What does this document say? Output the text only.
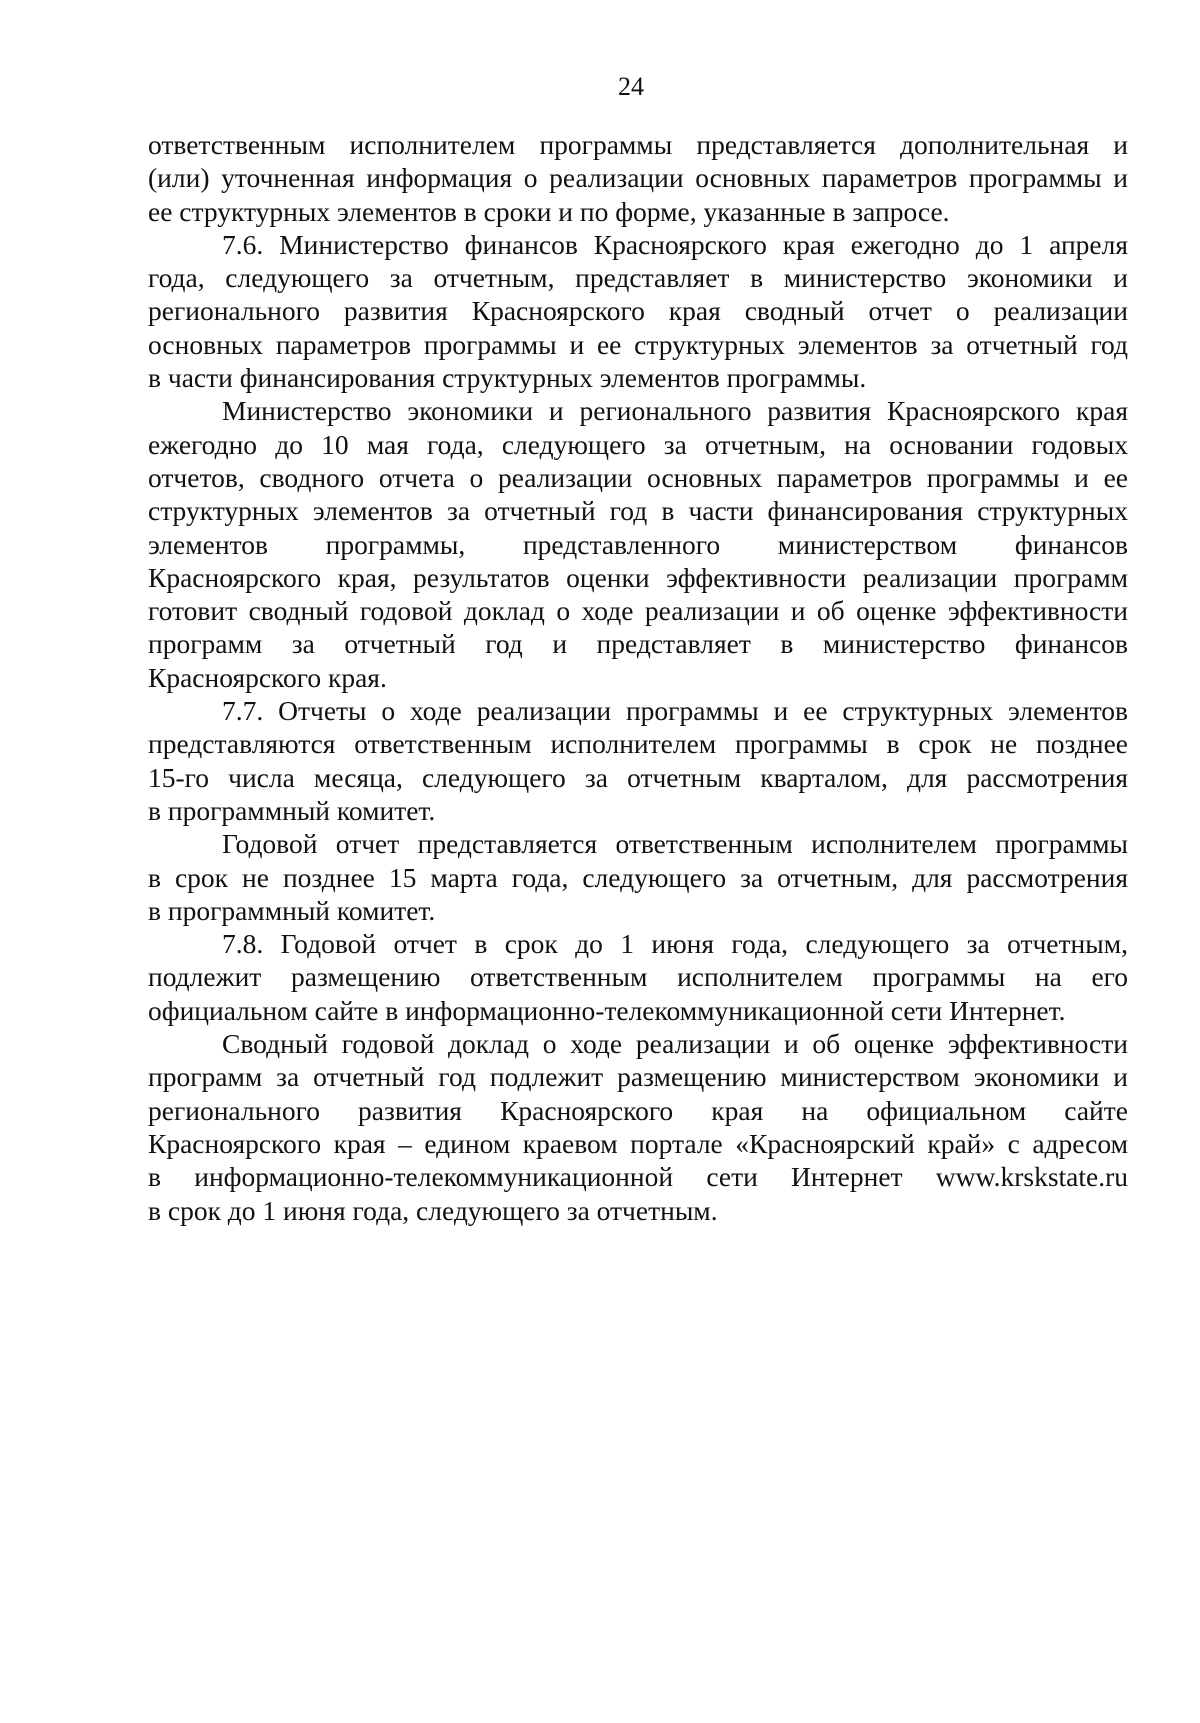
24

ответственным исполнителем программы представляется дополнительная и
(или) уточненная информация о реализации основных параметров программы и
ее структурных элементов в сроки и по форме, указанные в запросе.

7.6. Министерство финансов Красноярского края ежегодно до 1 апреля
года, следующего за отчетным, представляет в министерство экономики и
регионального развития Красноярского края сводный отчет о реализации
основных параметров программы и ее структурных элементов за отчетный год
в части финансирования структурных элементов программы.

Министерство экономики и регионального развития Красноярского края
ежегодно до 10 мая года, следующего за отчетным, на основании годовых
отчетов, сводного отчета о реализации основных параметров программы и ее
структурных элементов за отчетный год в части финансирования структурных
элементов программы, представленного министерством финансов
Красноярского края, результатов оценки эффективности реализации программ
готовит сводный годовой доклад о ходе реализации и об оценке эффективности
программ за отчетный год и представляет в министерство финансов
Красноярского края.

7.7. Отчеты о ходе реализации программы и ее структурных элементов
представляются ответственным исполнителем программы в срок не позднее
15-го числа месяца, следующего за отчетным кварталом, для рассмотрения
в программный комитет.

Годовой отчет представляется ответственным исполнителем программы
в срок не позднее 15 марта года, следующего за отчетным, для рассмотрения
в программный комитет.

7.8. Годовой отчет в срок до 1 июня года, следующего за отчетным,
подлежит размещению ответственным исполнителем программы на его
официальном сайте в информационно-телекоммуникационной сети Интернет.

Сводный годовой доклад о ходе реализации и об оценке эффективности
программ за отчетный год подлежит размещению министерством экономики и
регионального развития Красноярского края на официальном сайте
Красноярского края – едином краевом портале «Красноярский край» с адресом
в информационно-телекоммуникационной сети Интернет www.krskstate.ru
в срок до 1 июня года, следующего за отчетным.
